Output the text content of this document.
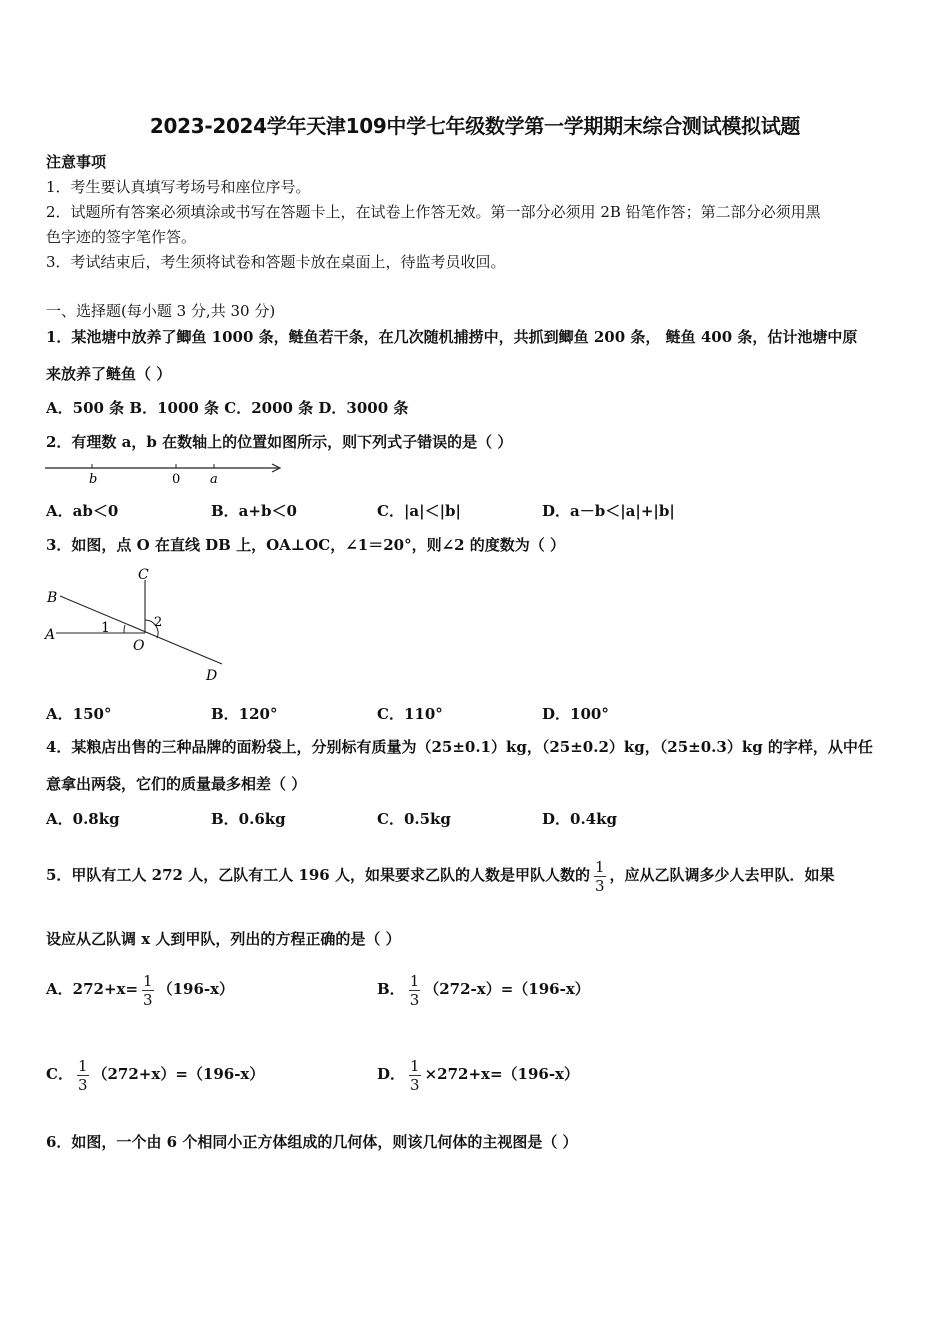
2023-2024学年天津109中学七年级数学第一学期期末综合测试模拟试题
注意事项
1．考生要认真填写考场号和座位序号。
2．试题所有答案必须填涂或书写在答题卡上，在试卷上作答无效。第一部分必须用 2B 铅笔作答；第二部分必须用黑
色字迹的签字笔作答。
3．考试结束后，考生须将试卷和答题卡放在桌面上，待监考员收回。
一、选择题(每小题 3 分,共 30 分)
1．某池塘中放养了鲫鱼 1000 条，鲢鱼若干条，在几次随机捕捞中，共抓到鲫鱼 200 条， 鲢鱼 400 条，估计池塘中原
来放养了鲢鱼（ ）
A．500 条 B．1000 条 C．2000 条 D．3000 条
2．有理数 a，b 在数轴上的位置如图所示，则下列式子错误的是（ ）
b	0 a
A．ab＜0	B．a+b＜0	C．|a|＜|b|	D．a－b＜|a|+|b|
3．如图，点 O 在直线 DB 上，OA⊥OC，∠1＝20°，则∠2 的度数为（ ）
B
C
A
O
D
1	2
A．150°	B．120°	C．110°	D．100°
4．某粮店出售的三种品牌的面粉袋上，分别标有质量为（25±0.1）kg，（25±0.2）kg，（25±0.3）kg 的字样，从中任
意拿出两袋，它们的质量最多相差（ ）
A．0.8kg	B．0.6kg	C．0.5kg	D．0.4kg
5．甲队有工人 272 人，乙队有工人 196 人，如果要求乙队的人数是甲队人数的 $\frac{1}{3}$ ，应从乙队调多少人去甲队．如果
设应从乙队调 x 人到甲队，列出的方程正确的是（ ）
A．$272+x= \frac{1}{3} (196-x)$	B． $\frac{1}{3} (272-x)=(196-x)$
C． $\frac{1}{3} (272+x)=(196-x)$	D． $\frac{1}{3} \times 272+x=(196-x)$
6．如图，一个由 6 个相同小正方体组成的几何体，则该几何体的主视图是（ ）
